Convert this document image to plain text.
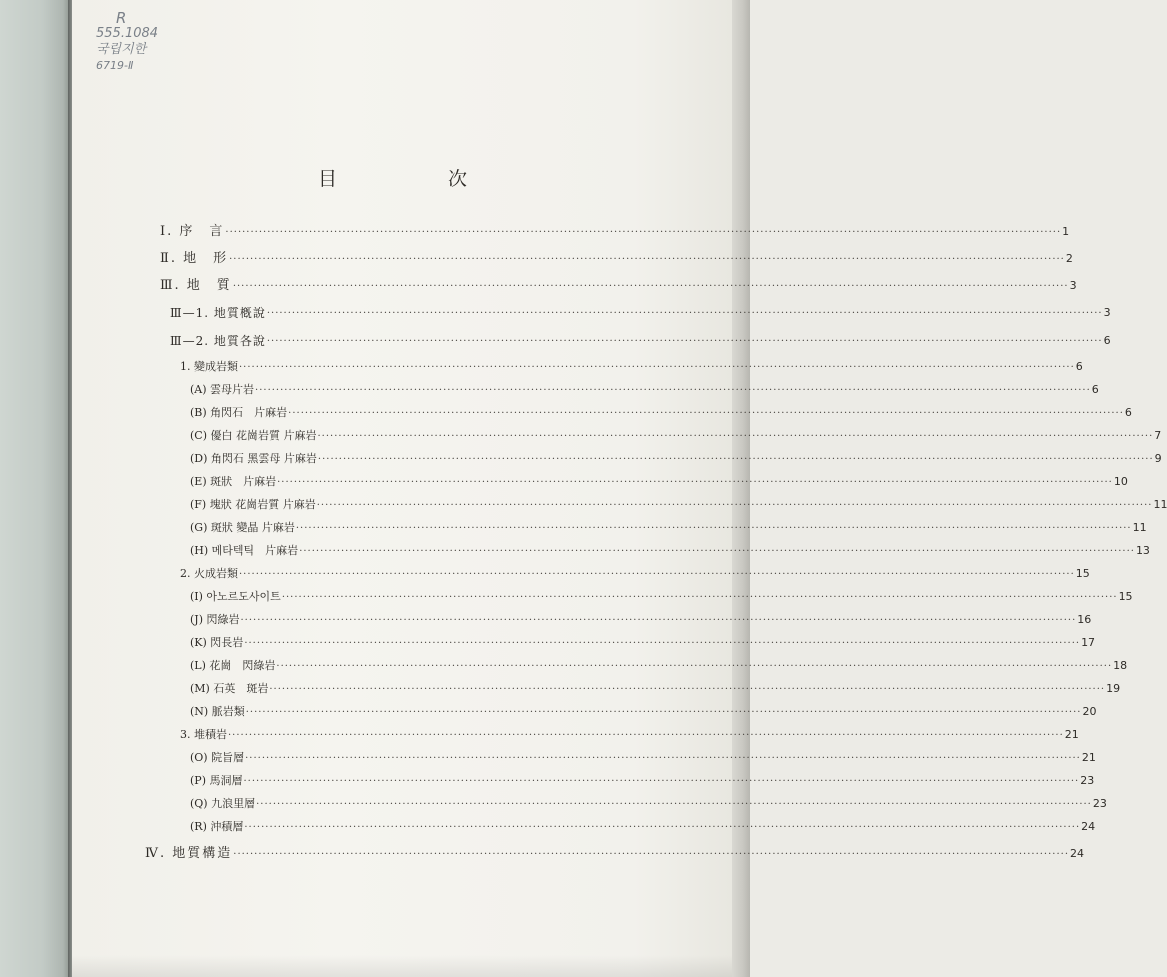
R
555.1084
국립지한
6719-Ⅱ
目　次
Ⅰ. 序　言 ········································································································································································································ 1
Ⅱ. 地　形 ········································································································································································································ 2
Ⅲ. 地　質 ········································································································································································································ 3
Ⅲ—1. 地質槪說 ········································································································································································································ 3
Ⅲ—2. 地質各說 ········································································································································································································ 6
1. 變成岩類 ········································································································································································································ 6
(A) 雲母片岩 ········································································································································································································ 6
(B) 角閃石　片麻岩 ········································································································································································································ 6
(C) 優白 花崗岩質 片麻岩 ········································································································································································································ 7
(D) 角閃石 黑雲母 片麻岩 ········································································································································································································ 9
(E) 斑狀　片麻岩 ········································································································································································································ 10
(F) 塊狀 花崗岩質 片麻岩 ········································································································································································································ 11
(G) 斑狀 變晶 片麻岩 ········································································································································································································ 11
(H) 메타텍틱　片麻岩 ········································································································································································································ 13
2. 火成岩類 ········································································································································································································ 15
(I) 아노르도사이트 ········································································································································································································ 15
(J) 閃綠岩 ········································································································································································································ 16
(K) 閃長岩 ········································································································································································································ 17
(L) 花崗　閃綠岩 ········································································································································································································ 18
(M) 石英　斑岩 ········································································································································································································ 19
(N) 脈岩類 ········································································································································································································ 20
3. 堆積岩 ········································································································································································································ 21
(O) 院旨層 ········································································································································································································ 21
(P) 馬洞層 ········································································································································································································ 23
(Q) 九浪里層 ········································································································································································································ 23
(R) 沖積層 ········································································································································································································ 24
Ⅳ. 地質構造 ········································································································································································································ 24
